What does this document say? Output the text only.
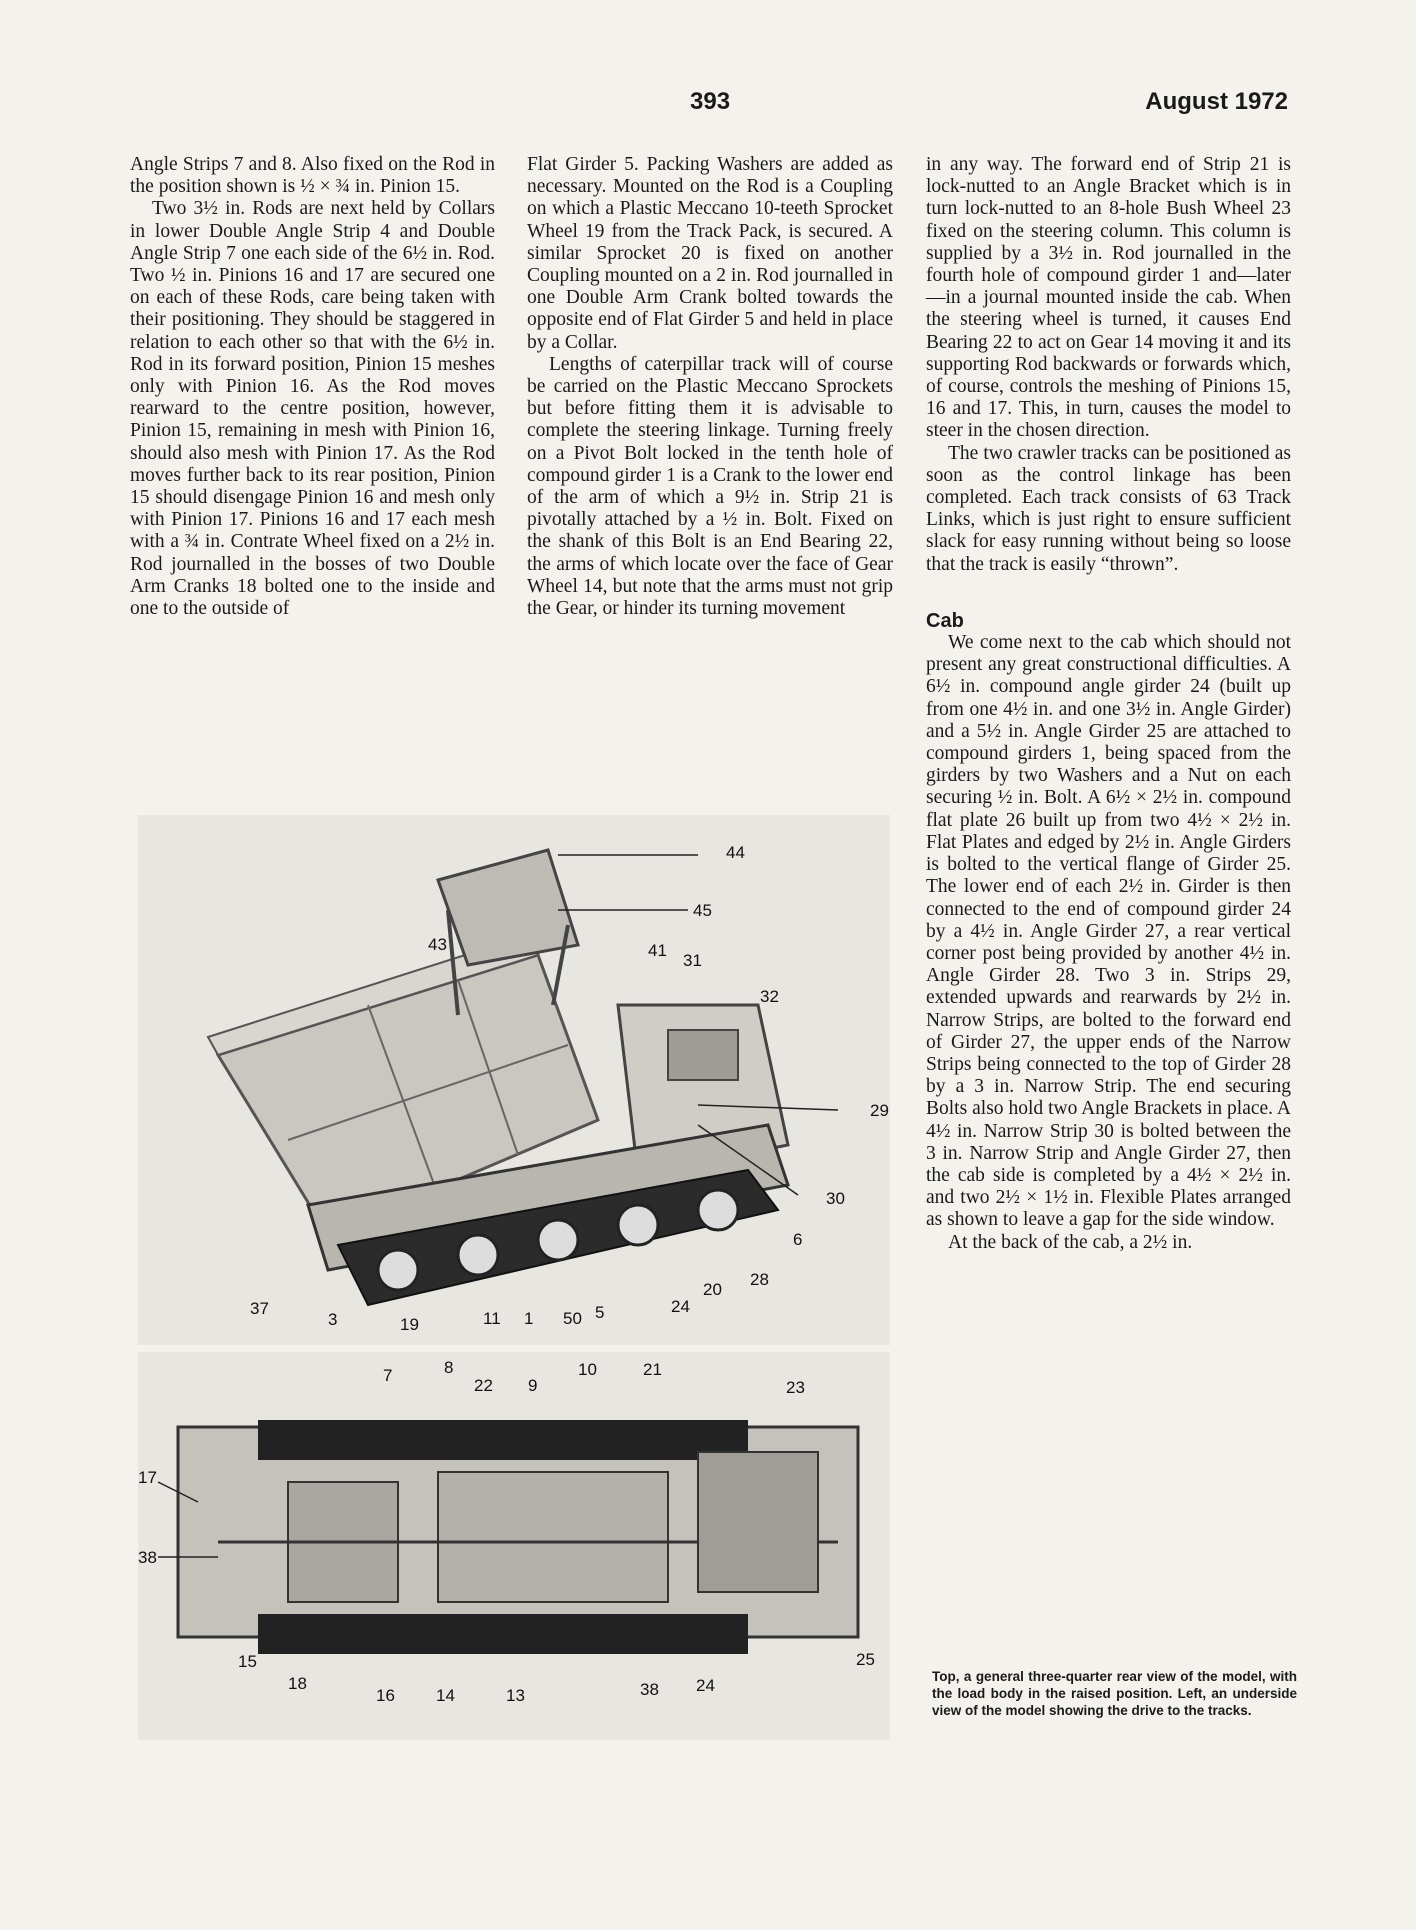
393	August 1972

Angle Strips 7 and 8. Also fixed on the Rod in the position shown is ½ × ¾ in. Pinion 15.

Two 3½ in. Rods are next held by Collars in lower Double Angle Strip 4 and Double Angle Strip 7 one each side of the 6½ in. Rod. Two ½ in. Pinions 16 and 17 are secured one on each of these Rods, care being taken with their positioning. They should be staggered in relation to each other so that with the 6½ in. Rod in its forward position, Pinion 15 meshes only with Pinion 16. As the Rod moves rearward to the centre position, however, Pinion 15, remaining in mesh with Pinion 16, should also mesh with Pinion 17. As the Rod moves further back to its rear position, Pinion 15 should disengage Pinion 16 and mesh only with Pinion 17. Pinions 16 and 17 each mesh with a ¾ in. Contrate Wheel fixed on a 2½ in. Rod journalled in the bosses of two Double Arm Cranks 18 bolted one to the inside and one to the outside of

Flat Girder 5. Packing Washers are added as necessary. Mounted on the Rod is a Coupling on which a Plastic Meccano 10-teeth Sprocket Wheel 19 from the Track Pack, is secured. A similar Sprocket 20 is fixed on another Coupling mounted on a 2 in. Rod journalled in one Double Arm Crank bolted towards the opposite end of Flat Girder 5 and held in place by a Collar.

Lengths of caterpillar track will of course be carried on the Plastic Meccano Sprockets but before fitting them it is advisable to complete the steering linkage. Turning freely on a Pivot Bolt locked in the tenth hole of compound girder 1 is a Crank to the lower end of the arm of which a 9½ in. Strip 21 is pivotally attached by a ½ in. Bolt. Fixed on the shank of this Bolt is an End Bearing 22, the arms of which locate over the face of Gear Wheel 14, but note that the arms must not grip the Gear, or hinder its turning movement

in any way. The forward end of Strip 21 is lock-nutted to an Angle Bracket which is in turn lock-nutted to an 8-hole Bush Wheel 23 fixed on the steering column. This column is supplied by a 3½ in. Rod journalled in the fourth hole of compound girder 1 and—later—in a journal mounted inside the cab. When the steering wheel is turned, it causes End Bearing 22 to act on Gear 14 moving it and its supporting Rod backwards or forwards which, of course, controls the meshing of Pinions 15, 16 and 17. This, in turn, causes the model to steer in the chosen direction.

The two crawler tracks can be positioned as soon as the control linkage has been completed. Each track consists of 63 Track Links, which is just right to ensure sufficient slack for easy running without being so loose that the track is easily “thrown”.

Cab

We come next to the cab which should not present any great constructional difficulties. A 6½ in. compound angle girder 24 (built up from one 4½ in. and one 3½ in. Angle Girder) and a 5½ in. Angle Girder 25 are attached to compound girders 1, being spaced from the girders by two Washers and a Nut on each securing ½ in. Bolt. A 6½ × 2½ in. compound flat plate 26 built up from two 4½ × 2½ in. Flat Plates and edged by 2½ in. Angle Girders is bolted to the vertical flange of Girder 25. The lower end of each 2½ in. Girder is then connected to the end of compound girder 24 by a 4½ in. Angle Girder 27, a rear vertical corner post being provided by another 4½ in. Angle Girder 28. Two 3 in. Strips 29, extended upwards and rearwards by 2½ in. Narrow Strips, are bolted to the forward end of Girder 27, the upper ends of the Narrow Strips being connected to the top of Girder 28 by a 3 in. Narrow Strip. The end securing Bolts also hold two Angle Brackets in place. A 4½ in. Narrow Strip 30 is bolted between the 3 in. Narrow Strip and Angle Girder 27, then the cab side is completed by a 4½ × 2½ in. and two 2½ × 1½ in. Flexible Plates arranged as shown to leave a gap for the side window.

At the back of the cab, a 2½ in.

44
45
43	41
31
32
29
30
6
28
20
24
5
50
1
11
19
3
37
7	8
22 9
10	21
23
17
38
25
15
18
16 14	13	38 24	Top, a general three-quarter rear view of the model, with the load body in the raised position. Left, an underside view of the model showing the drive to the tracks.
